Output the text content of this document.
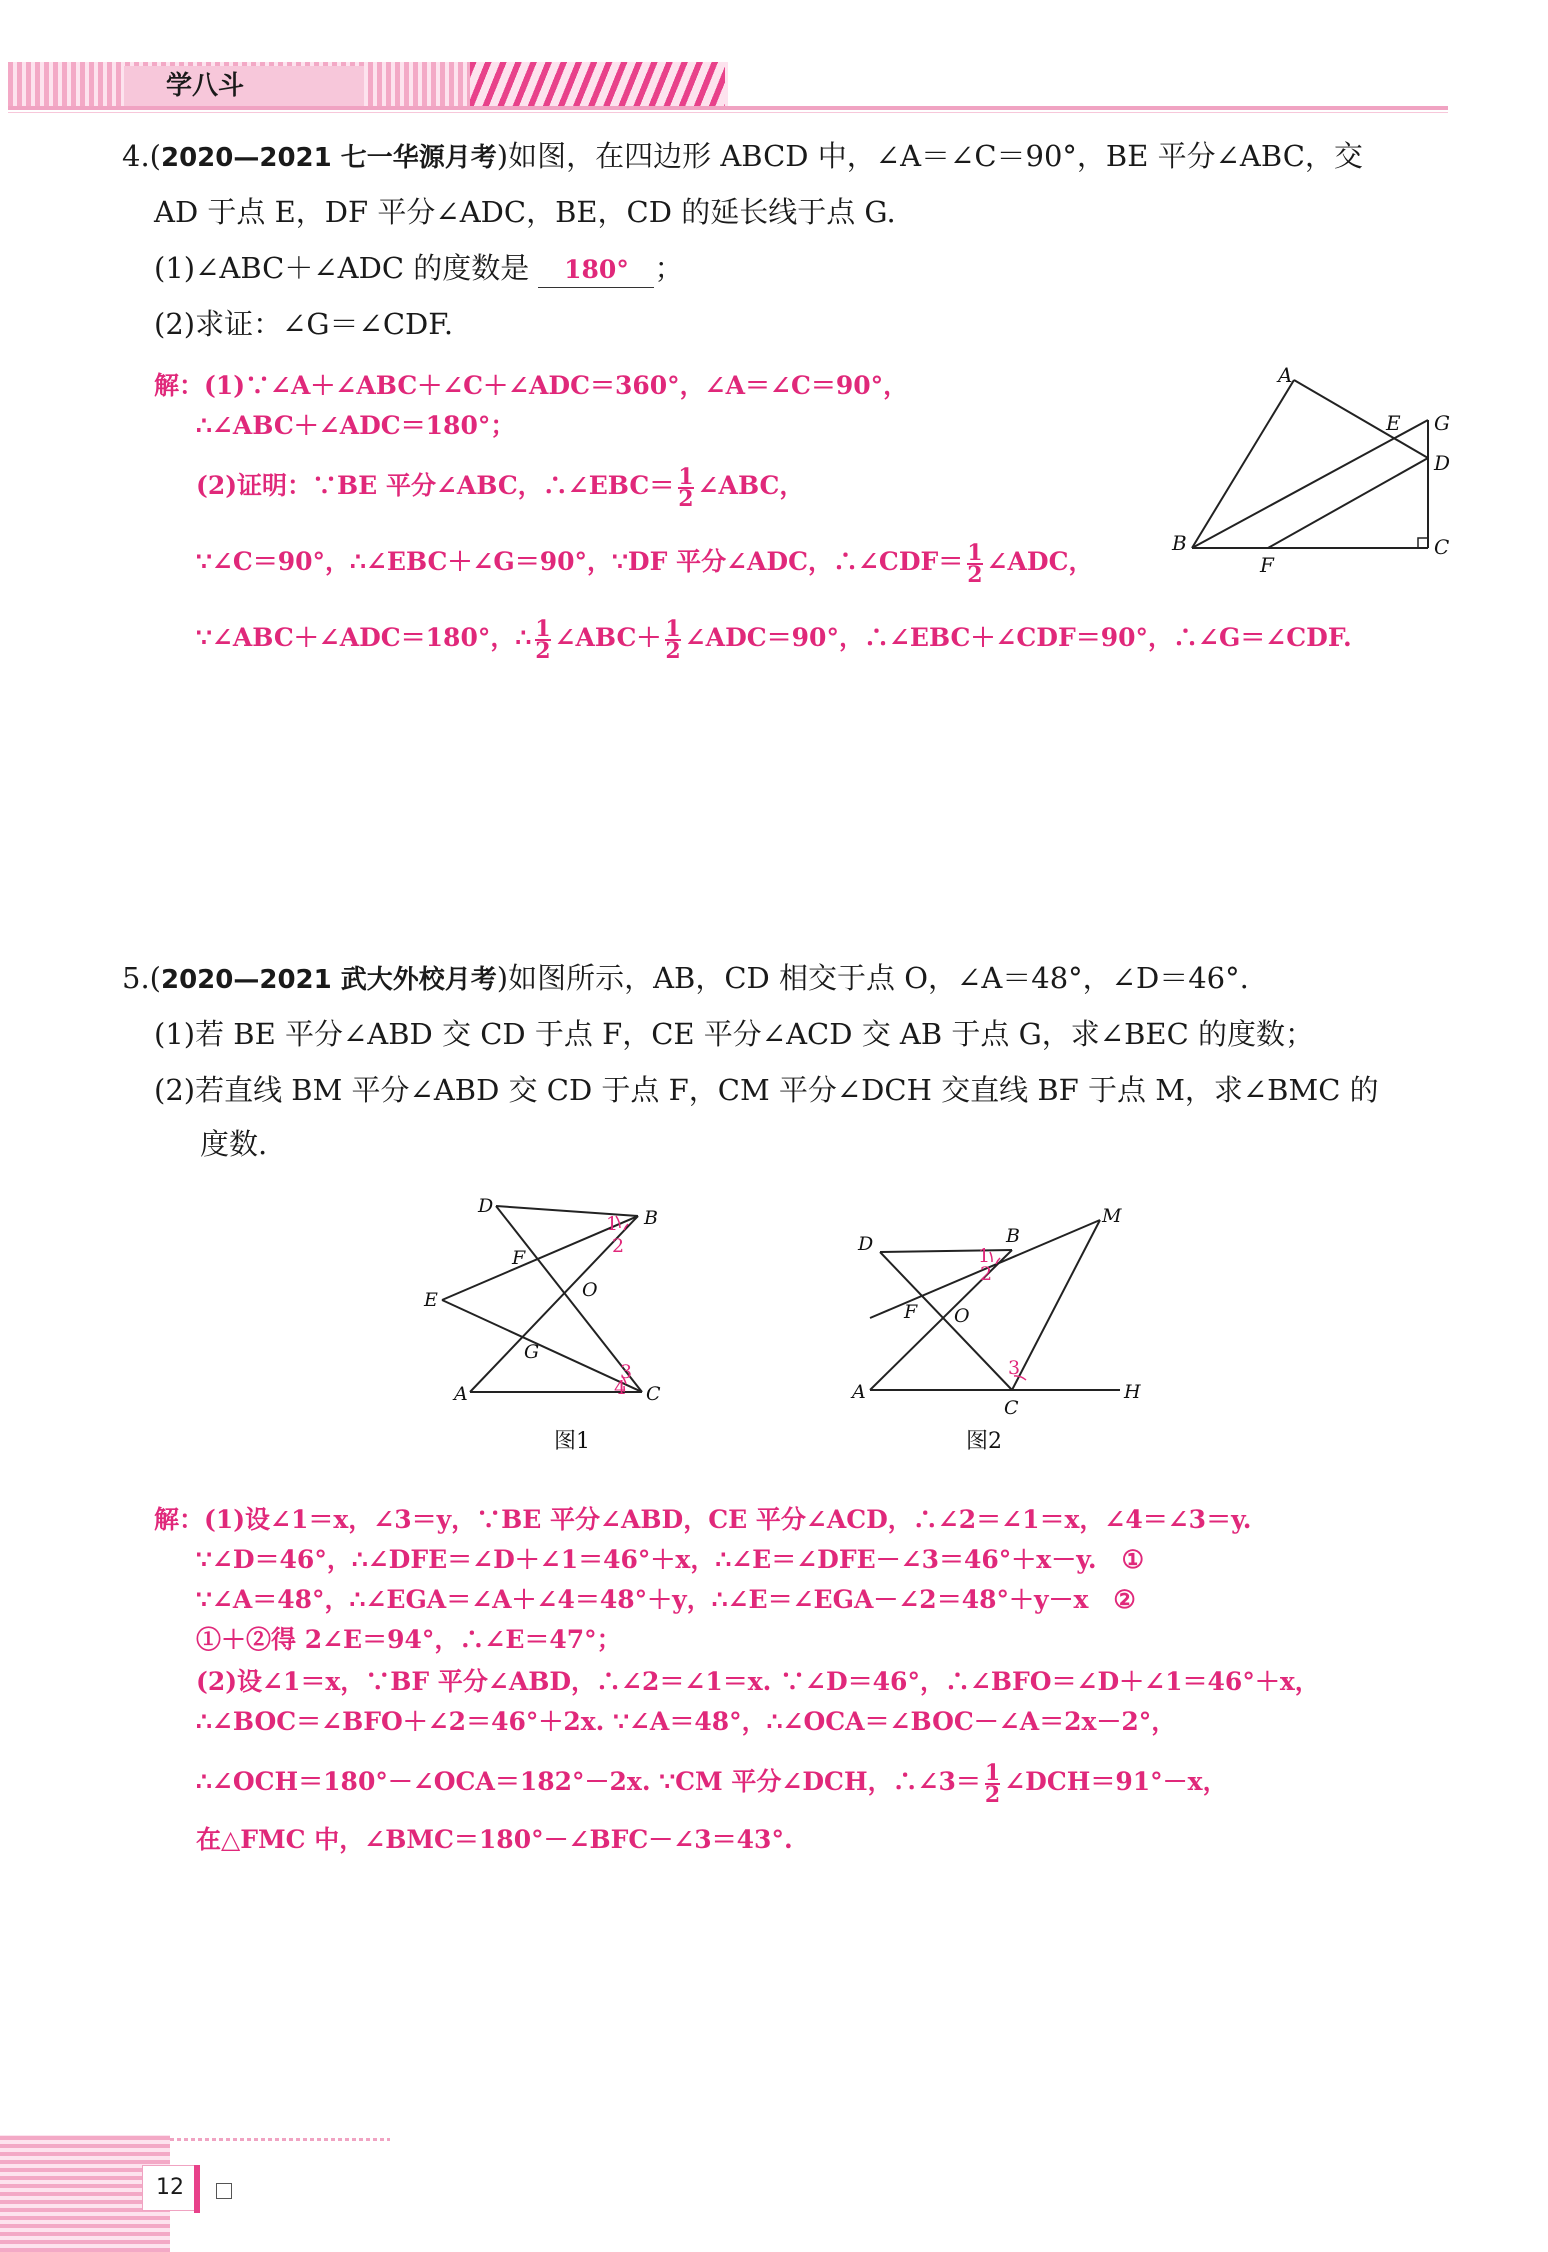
学八斗
4.(2020—2021 七一华源月考)如图，在四边形 ABCD 中，∠A＝∠C＝90°，BE 平分∠ABC，交
AD 于点 E，DF 平分∠ADC，BE，CD 的延长线于点 G.
(1)∠ABC＋∠ADC 的度数是 180° ；
(2)求证：∠G＝∠CDF.
解：(1)∵∠A＋∠ABC＋∠C＋∠ADC＝360°，∠A＝∠C＝90°，
∴∠ABC＋∠ADC＝180°；
(2)证明：∵BE 平分∠ABC，∴∠EBC＝ $\frac{1}{2}$ ∠ABC，
∵∠C＝90°，∴∠EBC＋∠G＝90°，∵DF 平分∠ADC，∴∠CDF＝ $\frac{1}{2}$ ∠ADC，
∵∠ABC＋∠ADC＝180°，∴ $\frac{1}{2}$ ∠ABC＋ $\frac{1}{2}$ ∠ADC＝90°，∴∠EBC＋∠CDF＝90°，∴∠G＝∠CDF.
A
B	C
D
E
F
G
5.(2020—2021 武大外校月考)如图所示，AB，CD 相交于点 O，∠A＝48°，∠D＝46°.
(1)若 BE 平分∠ABD 交 CD 于点 F，CE 平分∠ACD 交 AB 于点 G，求∠BEC 的度数；
(2)若直线 BM 平分∠ABD 交 CD 于点 F，CM 平分∠DCH 交直线 BF 于点 M，求∠BMC 的
度数.
1
2
3
4
D
B
F
E	O
G
A	C
图1
1
2
3
D	B
M
F O
A
C
H
图2
解：(1)设∠1＝x，∠3＝y，∵BE 平分∠ABD，CE 平分∠ACD，∴∠2＝∠1＝x，∠4＝∠3＝y.
∵∠D＝46°，∴∠DFE＝∠D＋∠1＝46°＋x，∴∠E＝∠DFE－∠3＝46°＋x－y.　①
∵∠A＝48°，∴∠EGA＝∠A＋∠4＝48°＋y，∴∠E＝∠EGA－∠2＝48°＋y－x　②
①＋②得 2∠E＝94°，∴∠E＝47°；
(2)设∠1＝x，∵BF 平分∠ABD，∴∠2＝∠1＝x. ∵∠D＝46°，∴∠BFO＝∠D＋∠1＝46°＋x，
∴∠BOC＝∠BFO＋∠2＝46°＋2x. ∵∠A＝48°，∴∠OCA＝∠BOC－∠A＝2x－2°，
∴∠OCH＝180°－∠OCA＝182°－2x. ∵CM 平分∠DCH，∴∠3＝ $\frac{1}{2}$ ∠DCH＝91°－x，
在△FMC 中，∠BMC＝180°－∠BFC－∠3＝43°.
12
